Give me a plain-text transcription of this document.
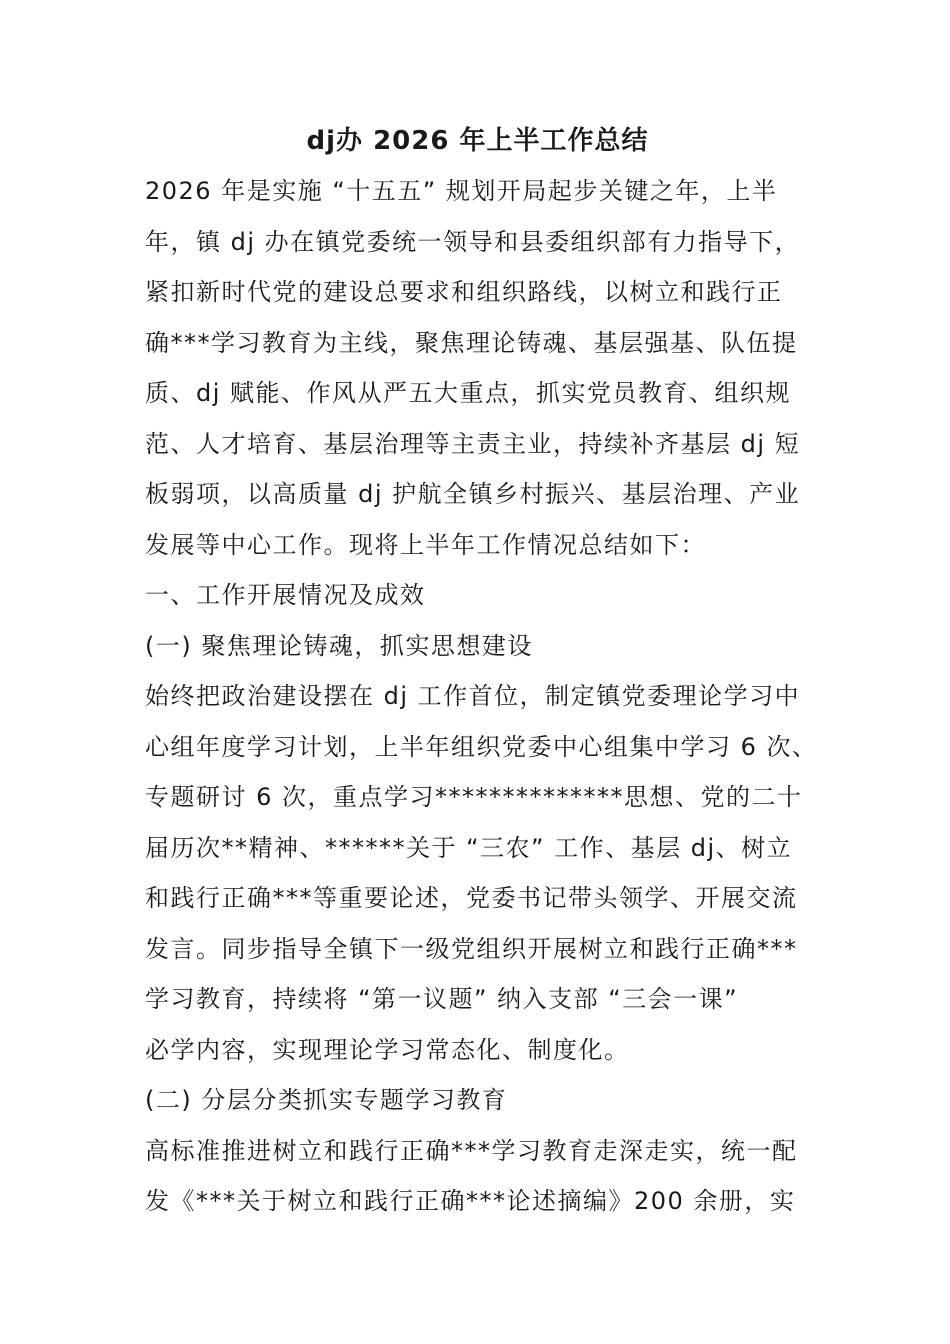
dj办 2026 年上半工作总结
2026 年是实施 “十五五” 规划开局起步关键之年，上半
年，镇 dj 办在镇党委统一领导和县委组织部有力指导下，
紧扣新时代党的建设总要求和组织路线，以树立和践行正
确***学习教育为主线，聚焦理论铸魂、基层强基、队伍提
质、dj 赋能、作风从严五大重点，抓实党员教育、组织规
范、人才培育、基层治理等主责主业，持续补齐基层 dj 短
板弱项，以高质量 dj 护航全镇乡村振兴、基层治理、产业
发展等中心工作。现将上半年工作情况总结如下：
一、工作开展情况及成效
(一) 聚焦理论铸魂，抓实思想建设
始终把政治建设摆在 dj 工作首位，制定镇党委理论学习中
心组年度学习计划，上半年组织党委中心组集中学习 6 次、
专题研讨 6 次，重点学习**************思想、党的二十
届历次**精神、******关于 “三农” 工作、基层 dj、树立
和践行正确***等重要论述，党委书记带头领学、开展交流
发言。同步指导全镇下一级党组织开展树立和践行正确***
学习教育，持续将 “第一议题” 纳入支部 “三会一课”
必学内容，实现理论学习常态化、制度化。
(二) 分层分类抓实专题学习教育
高标准推进树立和践行正确***学习教育走深走实，统一配
发《***关于树立和践行正确***论述摘编》200 余册，实
